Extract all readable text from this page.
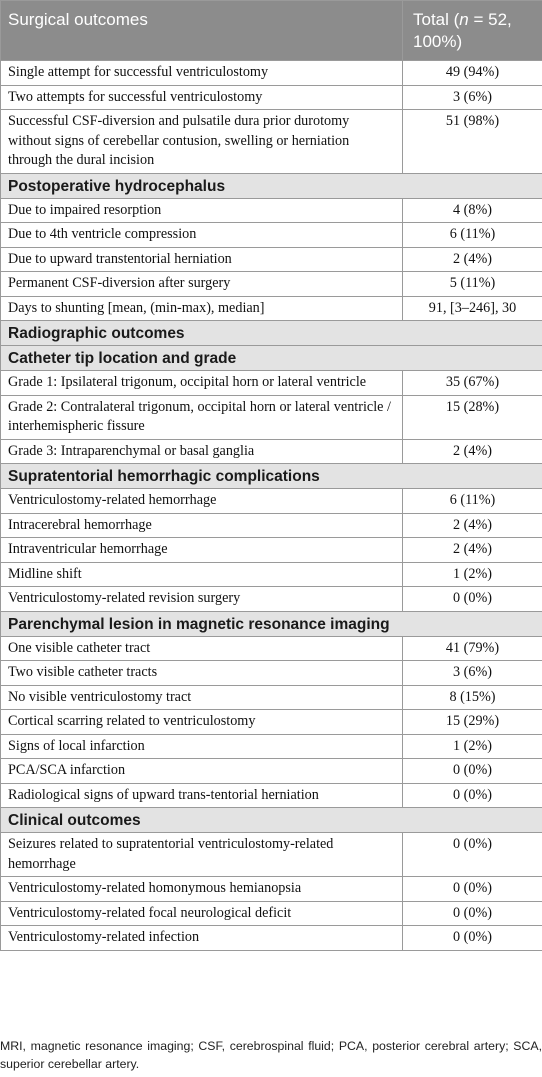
Surgical outcomes	Total (n = 52,
100%)
Single attempt for successful ventriculostomy	49 (94%)
Two attempts for successful ventriculostomy	3 (6%)
Successful CSF-diversion and pulsatile dura prior durotomy without signs of cerebellar contusion, swelling or herniation through the dural incision	51 (98%)
Postoperative hydrocephalus	
Due to impaired resorption	4 (8%)
Due to 4th ventricle compression	6 (11%)
Due to upward transtentorial herniation	2 (4%)
Permanent CSF-diversion after surgery	5 (11%)
Days to shunting [mean, (min-max), median]	91, [3–246], 30
Radiographic outcomes	
Catheter tip location and grade	
Grade 1: Ipsilateral trigonum, occipital horn or lateral ventricle	35 (67%)
Grade 2: Contralateral trigonum, occipital horn or lateral ventricle / interhemispheric fissure	15 (28%)
Grade 3: Intraparenchymal or basal ganglia	2 (4%)
Supratentorial hemorrhagic complications	
Ventriculostomy-related hemorrhage	6 (11%)
Intracerebral hemorrhage	2 (4%)
Intraventricular hemorrhage	2 (4%)
Midline shift	1 (2%)
Ventriculostomy-related revision surgery	0 (0%)
Parenchymal lesion in magnetic resonance imaging	
One visible catheter tract	41 (79%)
Two visible catheter tracts	3 (6%)
No visible ventriculostomy tract	8 (15%)
Cortical scarring related to ventriculostomy	15 (29%)
Signs of local infarction	1 (2%)
PCA/SCA infarction	0 (0%)
Radiological signs of upward trans-tentorial herniation	0 (0%)
Clinical outcomes	
Seizures related to supratentorial ventriculostomy-related hemorrhage	0 (0%)
Ventriculostomy-related homonymous hemianopsia	0 (0%)
Ventriculostomy-related focal neurological deficit	0 (0%)
Ventriculostomy-related infection	0 (0%)
MRI, magnetic resonance imaging; CSF, cerebrospinal fluid; PCA, posterior cerebral artery; SCA, superior cerebellar artery.
